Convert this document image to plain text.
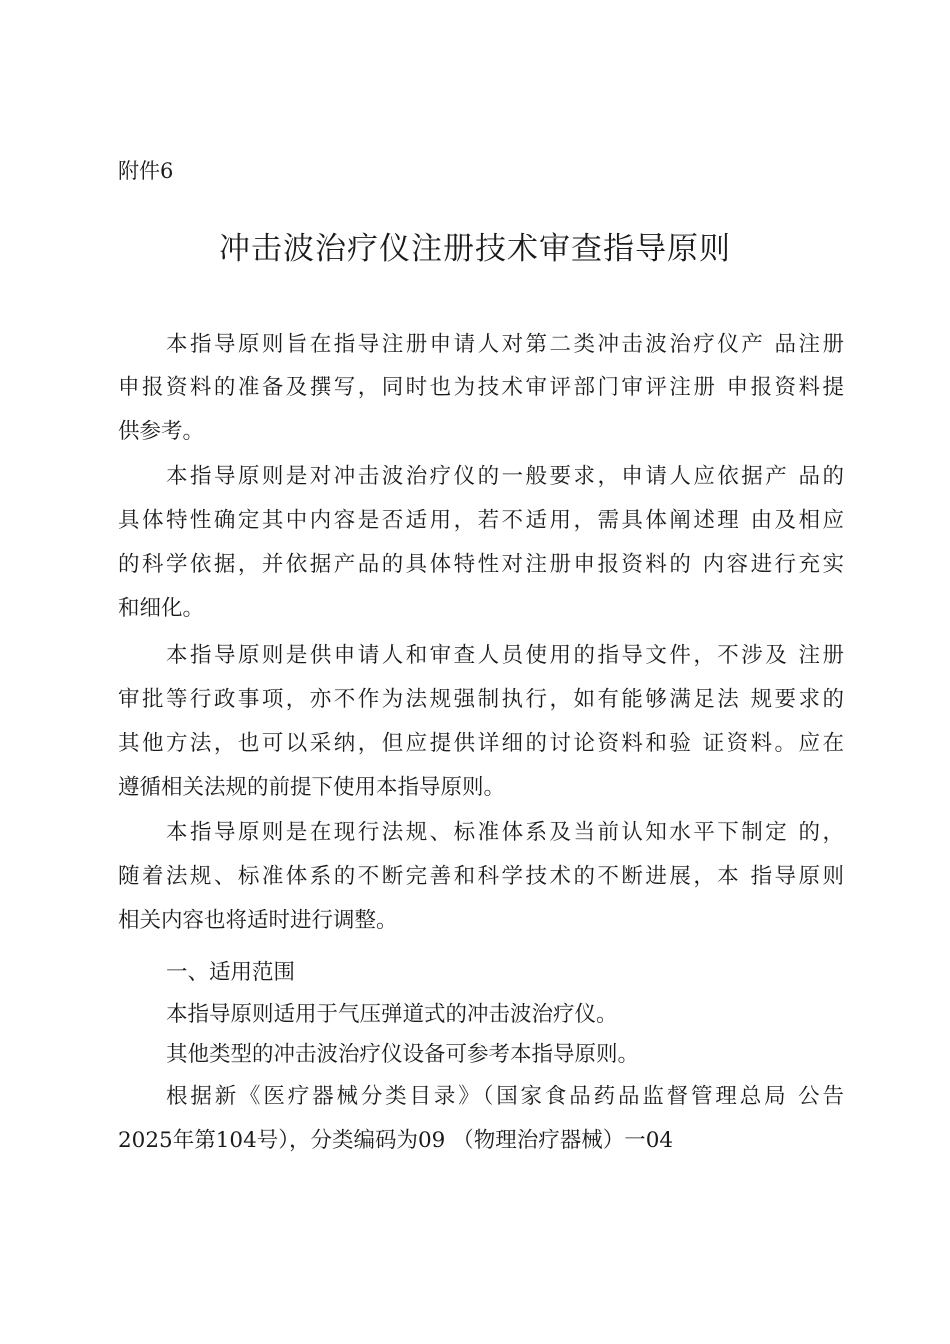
附件6
冲击波治疗仪注册技术审查指导原则
本指导原则旨在指导注册申请人对第二类冲击波治疗仪产 品注册
申报资料的准备及撰写，同时也为技术审评部门审评注册 申报资料提
供参考。
本指导原则是对冲击波治疗仪的一般要求，申请人应依据产 品的
具体特性确定其中内容是否适用，若不适用，需具体阐述理 由及相应
的科学依据，并依据产品的具体特性对注册申报资料的 内容进行充实
和细化。
本指导原则是供申请人和审查人员使用的指导文件，不涉及 注册
审批等行政事项，亦不作为法规强制执行，如有能够满足法 规要求的
其他方法，也可以采纳，但应提供详细的讨论资料和验 证资料。应在
遵循相关法规的前提下使用本指导原则。
本指导原则是在现行法规、标准体系及当前认知水平下制定 的，
随着法规、标准体系的不断完善和科学技术的不断进展，本 指导原则
相关内容也将适时进行调整。
一、适用范围
本指导原则适用于气压弹道式的冲击波治疗仪。
其他类型的冲击波治疗仪设备可参考本指导原则。
根据新《医疗器械分类目录》（国家食品药品监督管理总局 公告
2025年第104号），分类编码为09 （物理治疗器械）一04
